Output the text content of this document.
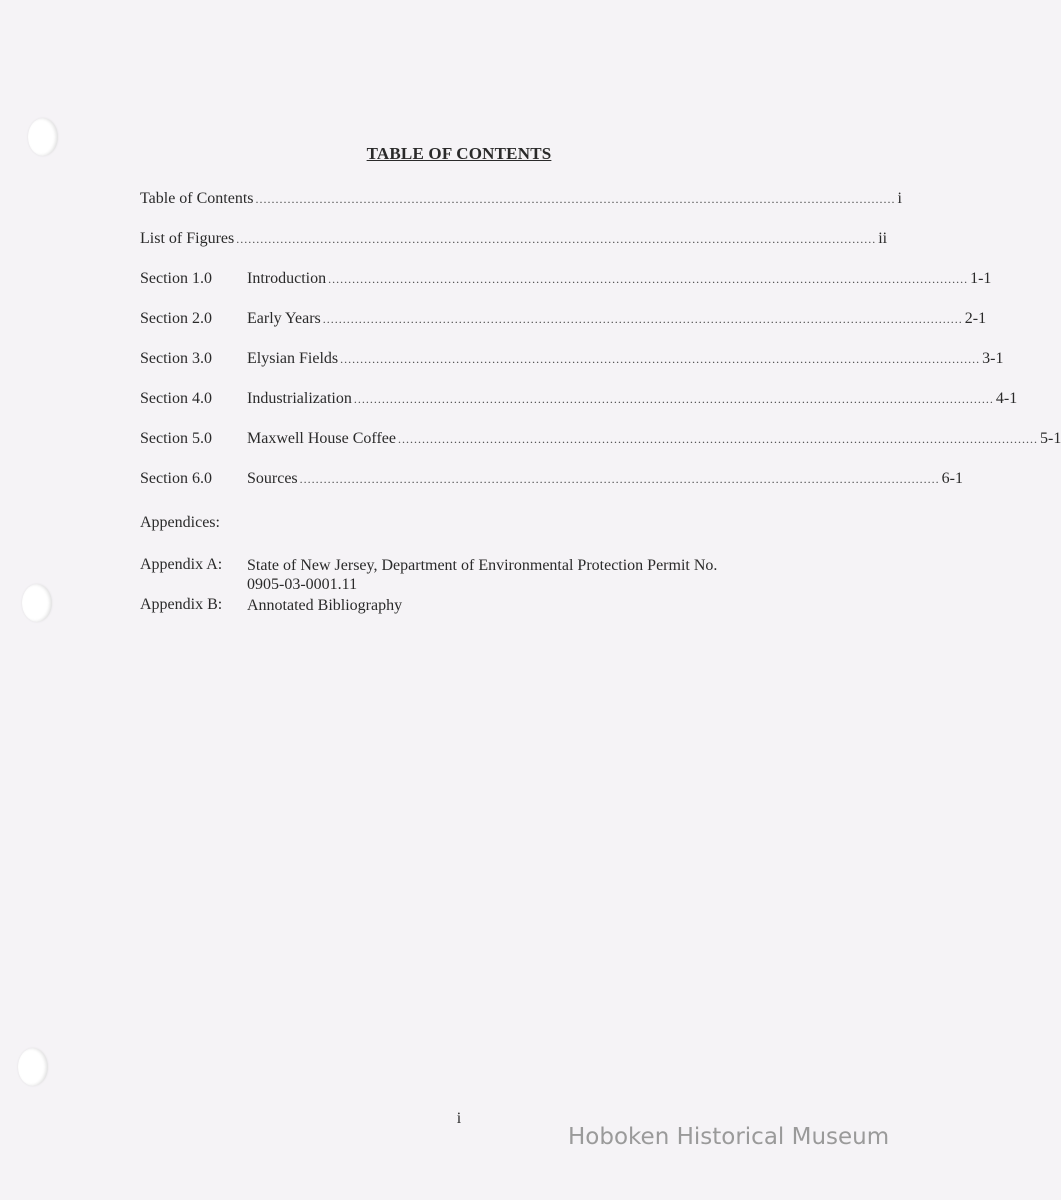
TABLE OF CONTENTS
Table of Contents ................................................................................................................................................................ i
List of Figures ................................................................................................................................................................ ii
Section 1.0	Introduction ................................................................................................................................................................ 1-1
Section 2.0	Early Years ................................................................................................................................................................ 2-1
Section 3.0	Elysian Fields ................................................................................................................................................................ 3-1
Section 4.0	Industrialization ................................................................................................................................................................ 4-1
Section 5.0	Maxwell House Coffee ................................................................................................................................................................ 5-1
Section 6.0	Sources ................................................................................................................................................................ 6-1
Appendices:
Appendix A:	State of New Jersey, Department of Environmental Protection Permit No.
0905-03-0001.11
Appendix B:	Annotated Bibliography
i
Hoboken Historical Museum
